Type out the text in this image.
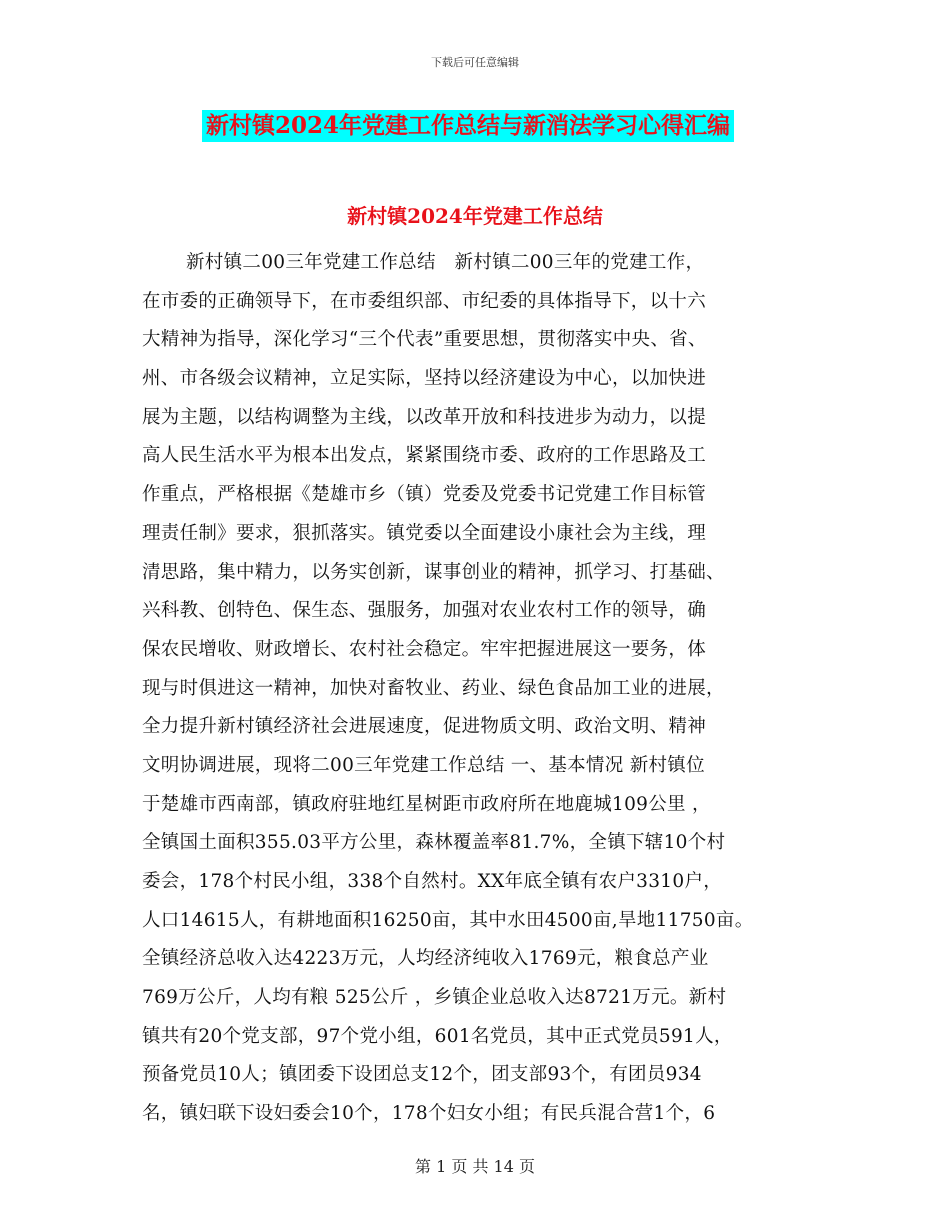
下载后可任意编辑
新村镇2024年党建工作总结与新消法学习心得汇编
新村镇2024年党建工作总结
新村镇二00三年党建工作总结　新村镇二00三年的党建工作，
在市委的正确领导下，在市委组织部、市纪委的具体指导下，以十六
大精神为指导，深化学习“三个代表”重要思想，贯彻落实中央、省、
州、市各级会议精神，立足实际，坚持以经济建设为中心，以加快进
展为主题，以结构调整为主线，以改革开放和科技进步为动力，以提
高人民生活水平为根本出发点，紧紧围绕市委、政府的工作思路及工
作重点，严格根据《楚雄市乡（镇）党委及党委书记党建工作目标管
理责任制》要求，狠抓落实。镇党委以全面建设小康社会为主线，理
清思路，集中精力，以务实创新，谋事创业的精神，抓学习、打基础、
兴科教、创特色、保生态、强服务，加强对农业农村工作的领导，确
保农民增收、财政增长、农村社会稳定。牢牢把握进展这一要务，体
现与时俱进这一精神，加快对畜牧业、药业、绿色食品加工业的进展，
全力提升新村镇经济社会进展速度，促进物质文明、政治文明、精神
文明协调进展，现将二00三年党建工作总结 一、基本情况 新村镇位
于楚雄市西南部，镇政府驻地红星树距市政府所在地鹿城109公里 ，
全镇国土面积355.03平方公里，森林覆盖率81.7%，全镇下辖10个村
委会，178个村民小组，338个自然村。XX年底全镇有农户3310户，
人口14615人，有耕地面积16250亩，其中水田4500亩,旱地11750亩。
全镇经济总收入达4223万元，人均经济纯收入1769元，粮食总产业
769万公斤，人均有粮 525公斤 ，乡镇企业总收入达8721万元。新村
镇共有20个党支部，97个党小组，601名党员，其中正式党员591人，
预备党员10人；镇团委下设团总支12个，团支部93个，有团员934
名，镇妇联下设妇委会10个，178个妇女小组；有民兵混合营1个，6
第 1 页 共 14 页
